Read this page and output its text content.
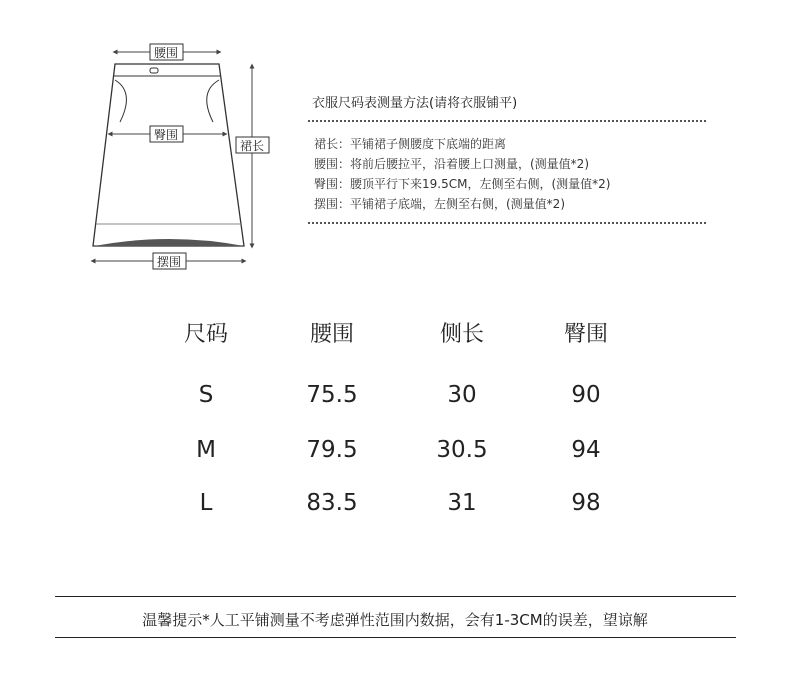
腰围
臀围
裙长
摆围
衣服尺码表测量方法(请将衣服铺平)
裙长：平铺裙子侧腰度下底端的距离
腰围：将前后腰拉平，沿着腰上口测量，(测量值*2)
臀围：腰顶平行下来19.5CM，左侧至右侧，(测量值*2)
摆围：平铺裙子底端，左侧至右侧，(测量值*2)
尺码	腰围	侧长	臀围
S	75.5	30	90
M	79.5	30.5	94
L	83.5	31	98
温馨提示*人工平铺测量不考虑弹性范围内数据，会有1-3CM的误差，望谅解
